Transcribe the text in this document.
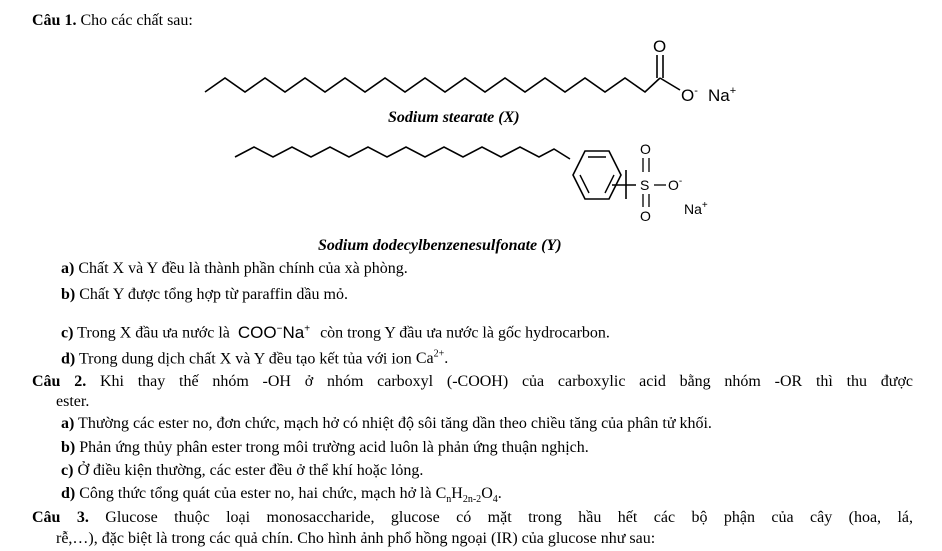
Câu 1. Cho các chất sau:
O
O- Na+
Sodium stearate (X)
O
S O-
O Na+
Sodium dodecylbenzenesulfonate (Y)
a) Chất X và Y đều là thành phần chính của xà phòng.
b) Chất Y được tổng hợp từ paraffin dầu mỏ.
c) Trong X đầu ưa nước là COO−Na+ còn trong Y đầu ưa nước là gốc hydrocarbon.
d) Trong dung dịch chất X và Y đều tạo kết tủa với ion $Ca^{2+}$.
Câu 2. Khi thay thế nhóm -OH ở nhóm carboxyl (-COOH) của carboxylic acid bằng nhóm -OR thì thu được
ester.
a) Thường các ester no, đơn chức, mạch hở có nhiệt độ sôi tăng dần theo chiều tăng của phân tử khối.
b) Phản ứng thủy phân ester trong môi trường acid luôn là phản ứng thuận nghịch.
c) Ở điều kiện thường, các ester đều ở thể khí hoặc lỏng.
d) Công thức tổng quát của ester no, hai chức, mạch hở là $C_nH_{2n-2}O_4$.
Câu 3. Glucose thuộc loại monosaccharide, glucose có mặt trong hầu hết các bộ phận của cây (hoa, lá,
rễ,…), đặc biệt là trong các quả chín. Cho hình ảnh phổ hồng ngoại (IR) của glucose như sau:
